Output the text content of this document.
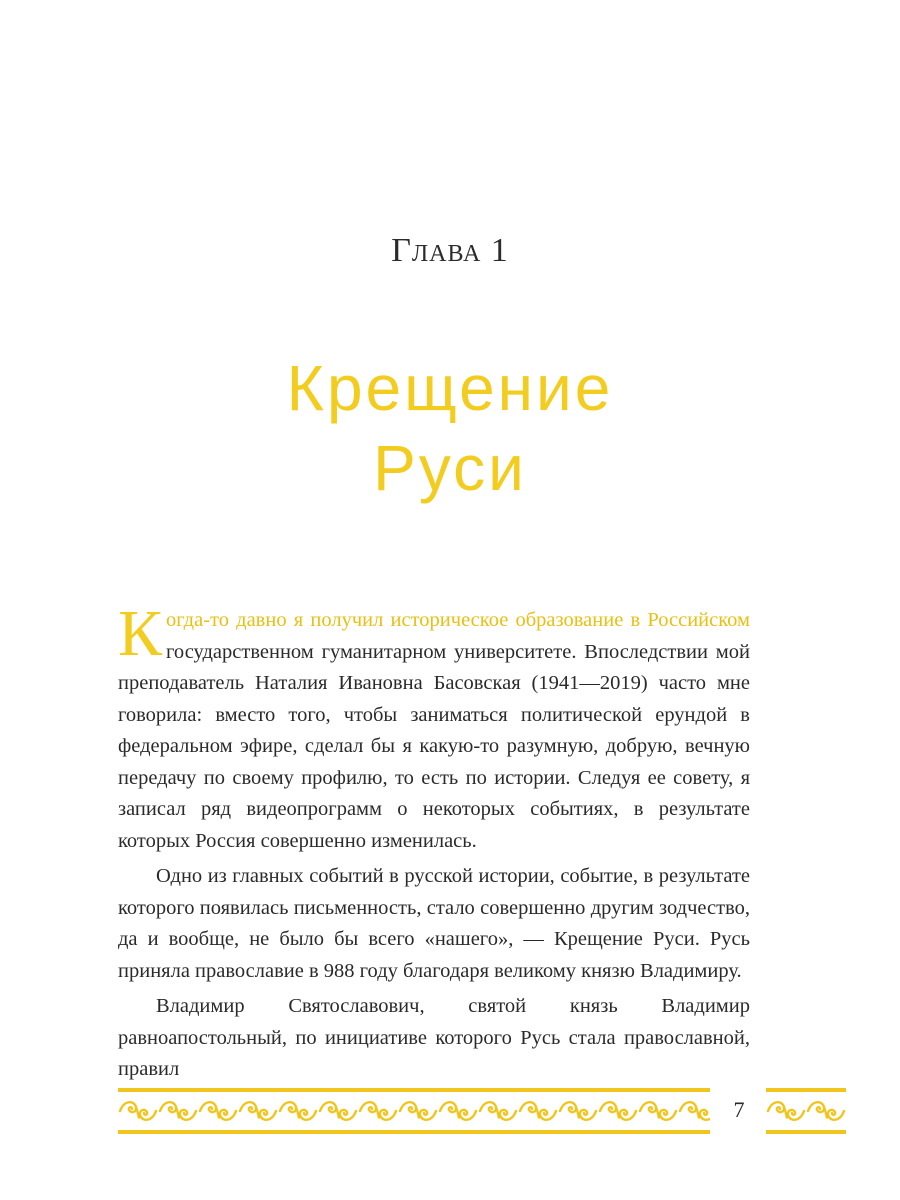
Глава 1
Крещение
Руси

К огда-то давно я получил историческое образование в Российском государственном гуманитарном университете. Впоследствии мой преподаватель Наталия Ивановна Басовская (1941—2019) часто мне говорила: вместо того, чтобы заниматься политической ерундой в федеральном эфире, сделал бы я какую-то разумную, добрую, вечную передачу по своему профилю, то есть по истории. Следуя ее совету, я записал ряд видеопрограмм о некоторых событиях, в результате которых Россия совершенно изменилась.

Одно из главных событий в русской истории, событие, в результате которого появилась письменность, стало совершенно другим зодчество, да и вообще, не было бы всего «нашего», — Крещение Руси. Русь приняла православие в 988 году благодаря великому князю Владимиру.

Владимир Святославович, святой князь Владимир равноапостольный, по инициативе которого Русь стала православной, правил

7
